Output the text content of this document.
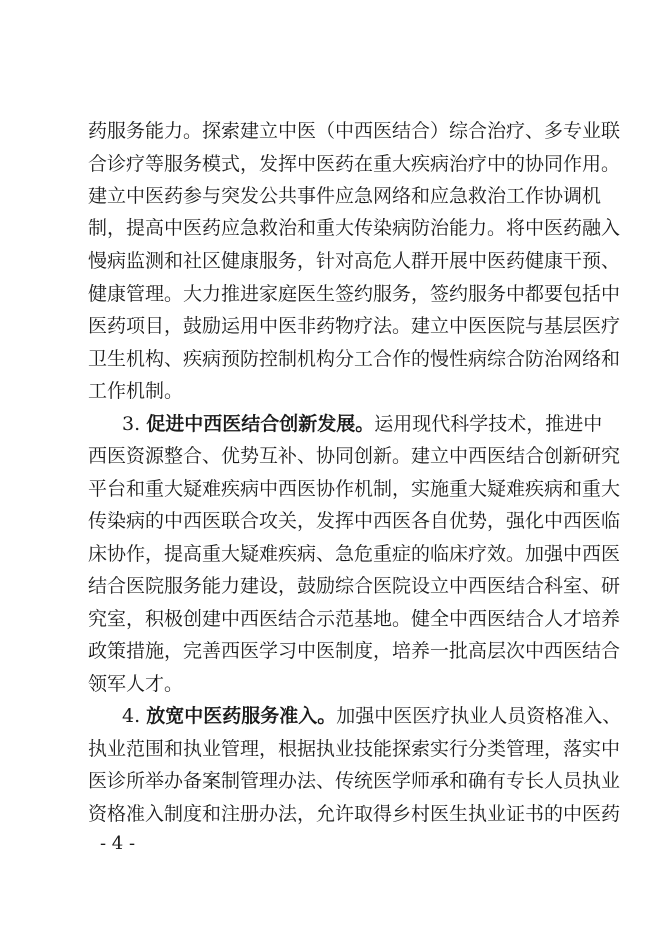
药服务能力。探索建立中医（中西医结合）综合治疗、多专业联
合诊疗等服务模式，发挥中医药在重大疾病治疗中的协同作用。
建立中医药参与突发公共事件应急网络和应急救治工作协调机
制，提高中医药应急救治和重大传染病防治能力。将中医药融入
慢病监测和社区健康服务，针对高危人群开展中医药健康干预、
健康管理。大力推进家庭医生签约服务，签约服务中都要包括中
医药项目，鼓励运用中医非药物疗法。建立中医医院与基层医疗
卫生机构、疾病预防控制机构分工合作的慢性病综合防治网络和
工作机制。
3. 促进中西医结合创新发展。运用现代科学技术，推进中
西医资源整合、优势互补、协同创新。建立中西医结合创新研究
平台和重大疑难疾病中西医协作机制，实施重大疑难疾病和重大
传染病的中西医联合攻关，发挥中西医各自优势，强化中西医临
床协作，提高重大疑难疾病、急危重症的临床疗效。加强中西医
结合医院服务能力建设，鼓励综合医院设立中西医结合科室、研
究室，积极创建中西医结合示范基地。健全中西医结合人才培养
政策措施，完善西医学习中医制度，培养一批高层次中西医结合
领军人才。
4. 放宽中医药服务准入。加强中医医疗执业人员资格准入、
执业范围和执业管理，根据执业技能探索实行分类管理，落实中
医诊所举办备案制管理办法、传统医学师承和确有专长人员执业
资格准入制度和注册办法，允许取得乡村医生执业证书的中医药
- 4 -
